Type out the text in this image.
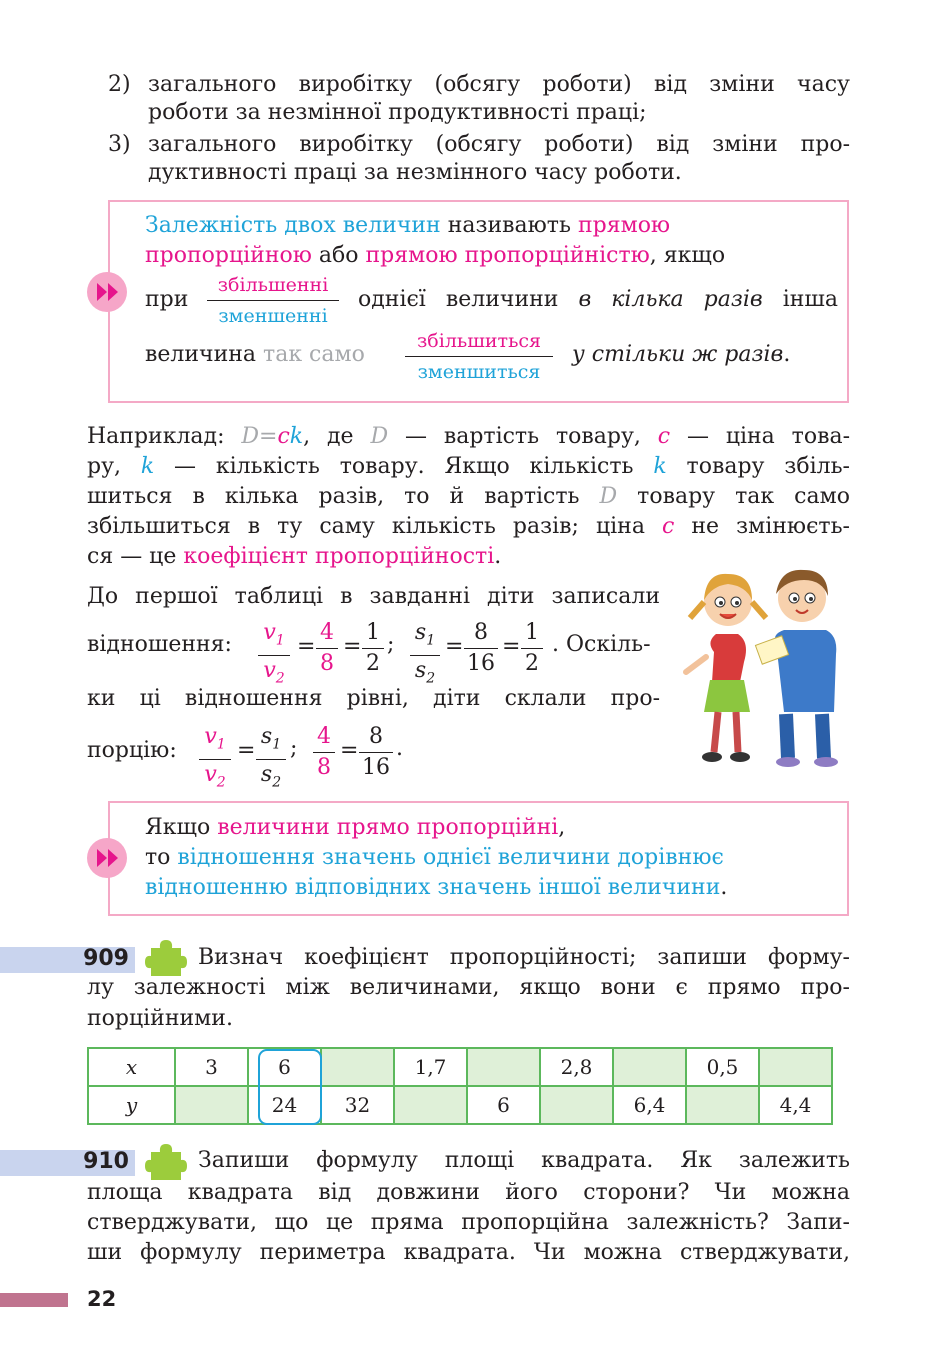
2) загального виробітку (обсягу роботи) від зміни часу
роботи за незмінної продуктивності праці;
3) загального виробітку (обсягу роботи) від зміни про-
дуктивності праці за незмінного часу роботи.
Залежність двох величин називають прямою
пропорційною або прямою пропорційністю, якщо
при
збільшенні
зменшенні
однієї величини в кілька разів інша
величина так само
збільшиться
зменшиться
у стільки ж разів.
Наприклад: D=ck, де D — вартість товару, c — ціна това-
ру, k — кількість товару. Якщо кількість k товару збіль-
шиться в кілька разів, то й вартість D товару так само
збільшиться в ту саму кількість разів; ціна c не змінюєть-
ся — це коефіцієнт пропорційності.
До першої таблиці в завданні діти записали
відношення: $v_1$
$v_2$
=
4
8
=
1
2
; $s_1$
$s_2$
=
8
16
=
1
2
. Оскіль-
ки ці відношення рівні, діти склали про-
порцію:
$v_1$
$v_2$
=
$s_1$
$s_2$
; 4
8
=
8
16
.
Якщо величини прямо пропорційні,
то відношення значень однієї величини дорівнює
відношенню відповідних значень іншої величини.
909	Визнач коефіцієнт пропорційності; запиши форму-
лу залежності між величинами, якщо вони є прямо про-
порційними.
x	3	6		1,7		2,8		0,5	
y		24	32		6		6,4		4,4
910	Запиши формулу площі квадрата. Як залежить
площа квадрата від довжини його сторони? Чи можна
стверджувати, що це пряма пропорційна залежність? Запи-
ши формулу периметра квадрата. Чи можна стверджувати,
22
